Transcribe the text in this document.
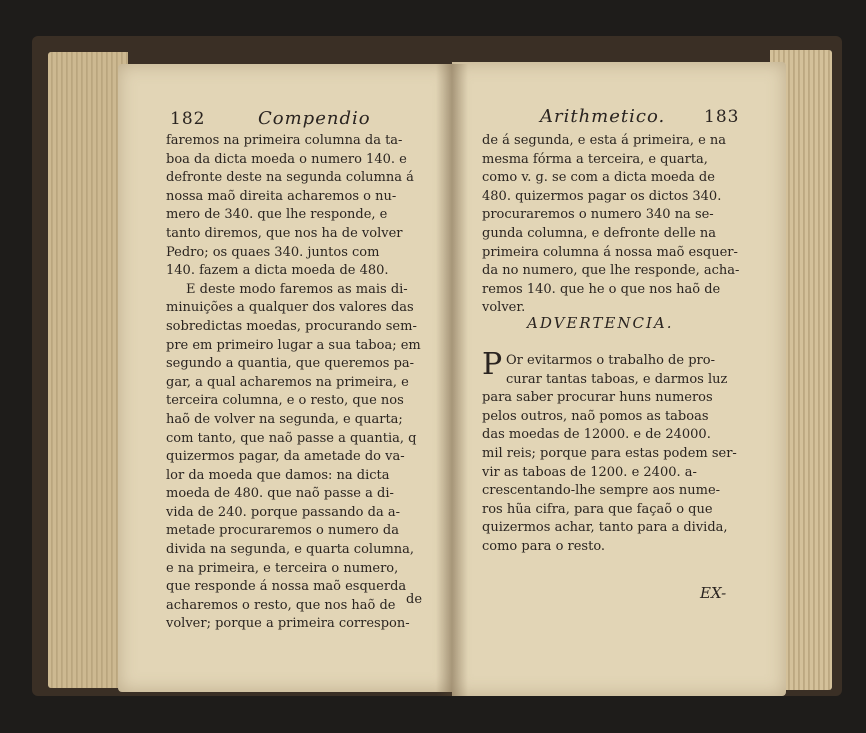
182	Compendio
faremos na primeira columna da ta-
boa da dicta moeda o numero 140. e
defronte deste na segunda columna á
nossa maõ direita acharemos o nu-
mero de 340. que lhe responde, e
tanto diremos, que nos ha de volver
Pedro; os quaes 340. juntos com
140. fazem a dicta moeda de 480.
E deste modo faremos as mais di-
minuições a qualquer dos valores das
sobredictas moedas, procurando sem-
pre em primeiro lugar a sua taboa; em
segundo a quantia, que queremos pa-
gar, a qual acharemos na primeira, e
terceira columna, e o resto, que nos
haõ de volver na segunda, e quarta;
com tanto, que naõ passe a quantia, q
quizermos pagar, da ametade do va-
lor da moeda que damos: na dicta
moeda de 480. que naõ passe a di-
vida de 240. porque passando da a-
metade procuraremos o numero da
divida na segunda, e quarta columna,
e na primeira, e terceira o numero,
que responde á nossa maõ esquerda
acharemos o resto, que nos haõ de
volver; porque a primeira correspon-
de
Arithmetico. 183
de á segunda, e esta á primeira, e na
mesma fórma a terceira, e quarta,
como v. g. se com a dicta moeda de
480. quizermos pagar os dictos 340.
procuraremos o numero 340 na se-
gunda columna, e defronte delle na
primeira columna á nossa maõ esquer-
da no numero, que lhe responde, acha-
remos 140. que he o que nos haõ de
volver.
ADVERTENCIA.
P Or evitarmos o trabalho de pro-
curar tantas taboas, e darmos luz
para saber procurar huns numeros
pelos outros, naõ pomos as taboas
das moedas de 12000. e de 24000.
mil reis; porque para estas podem ser-
vir as taboas de 1200. e 2400. a-
crescentando-lhe sempre aos nume-
ros hũa cifra, para que façaõ o que
quizermos achar, tanto para a divida,
como para o resto.
EX-
